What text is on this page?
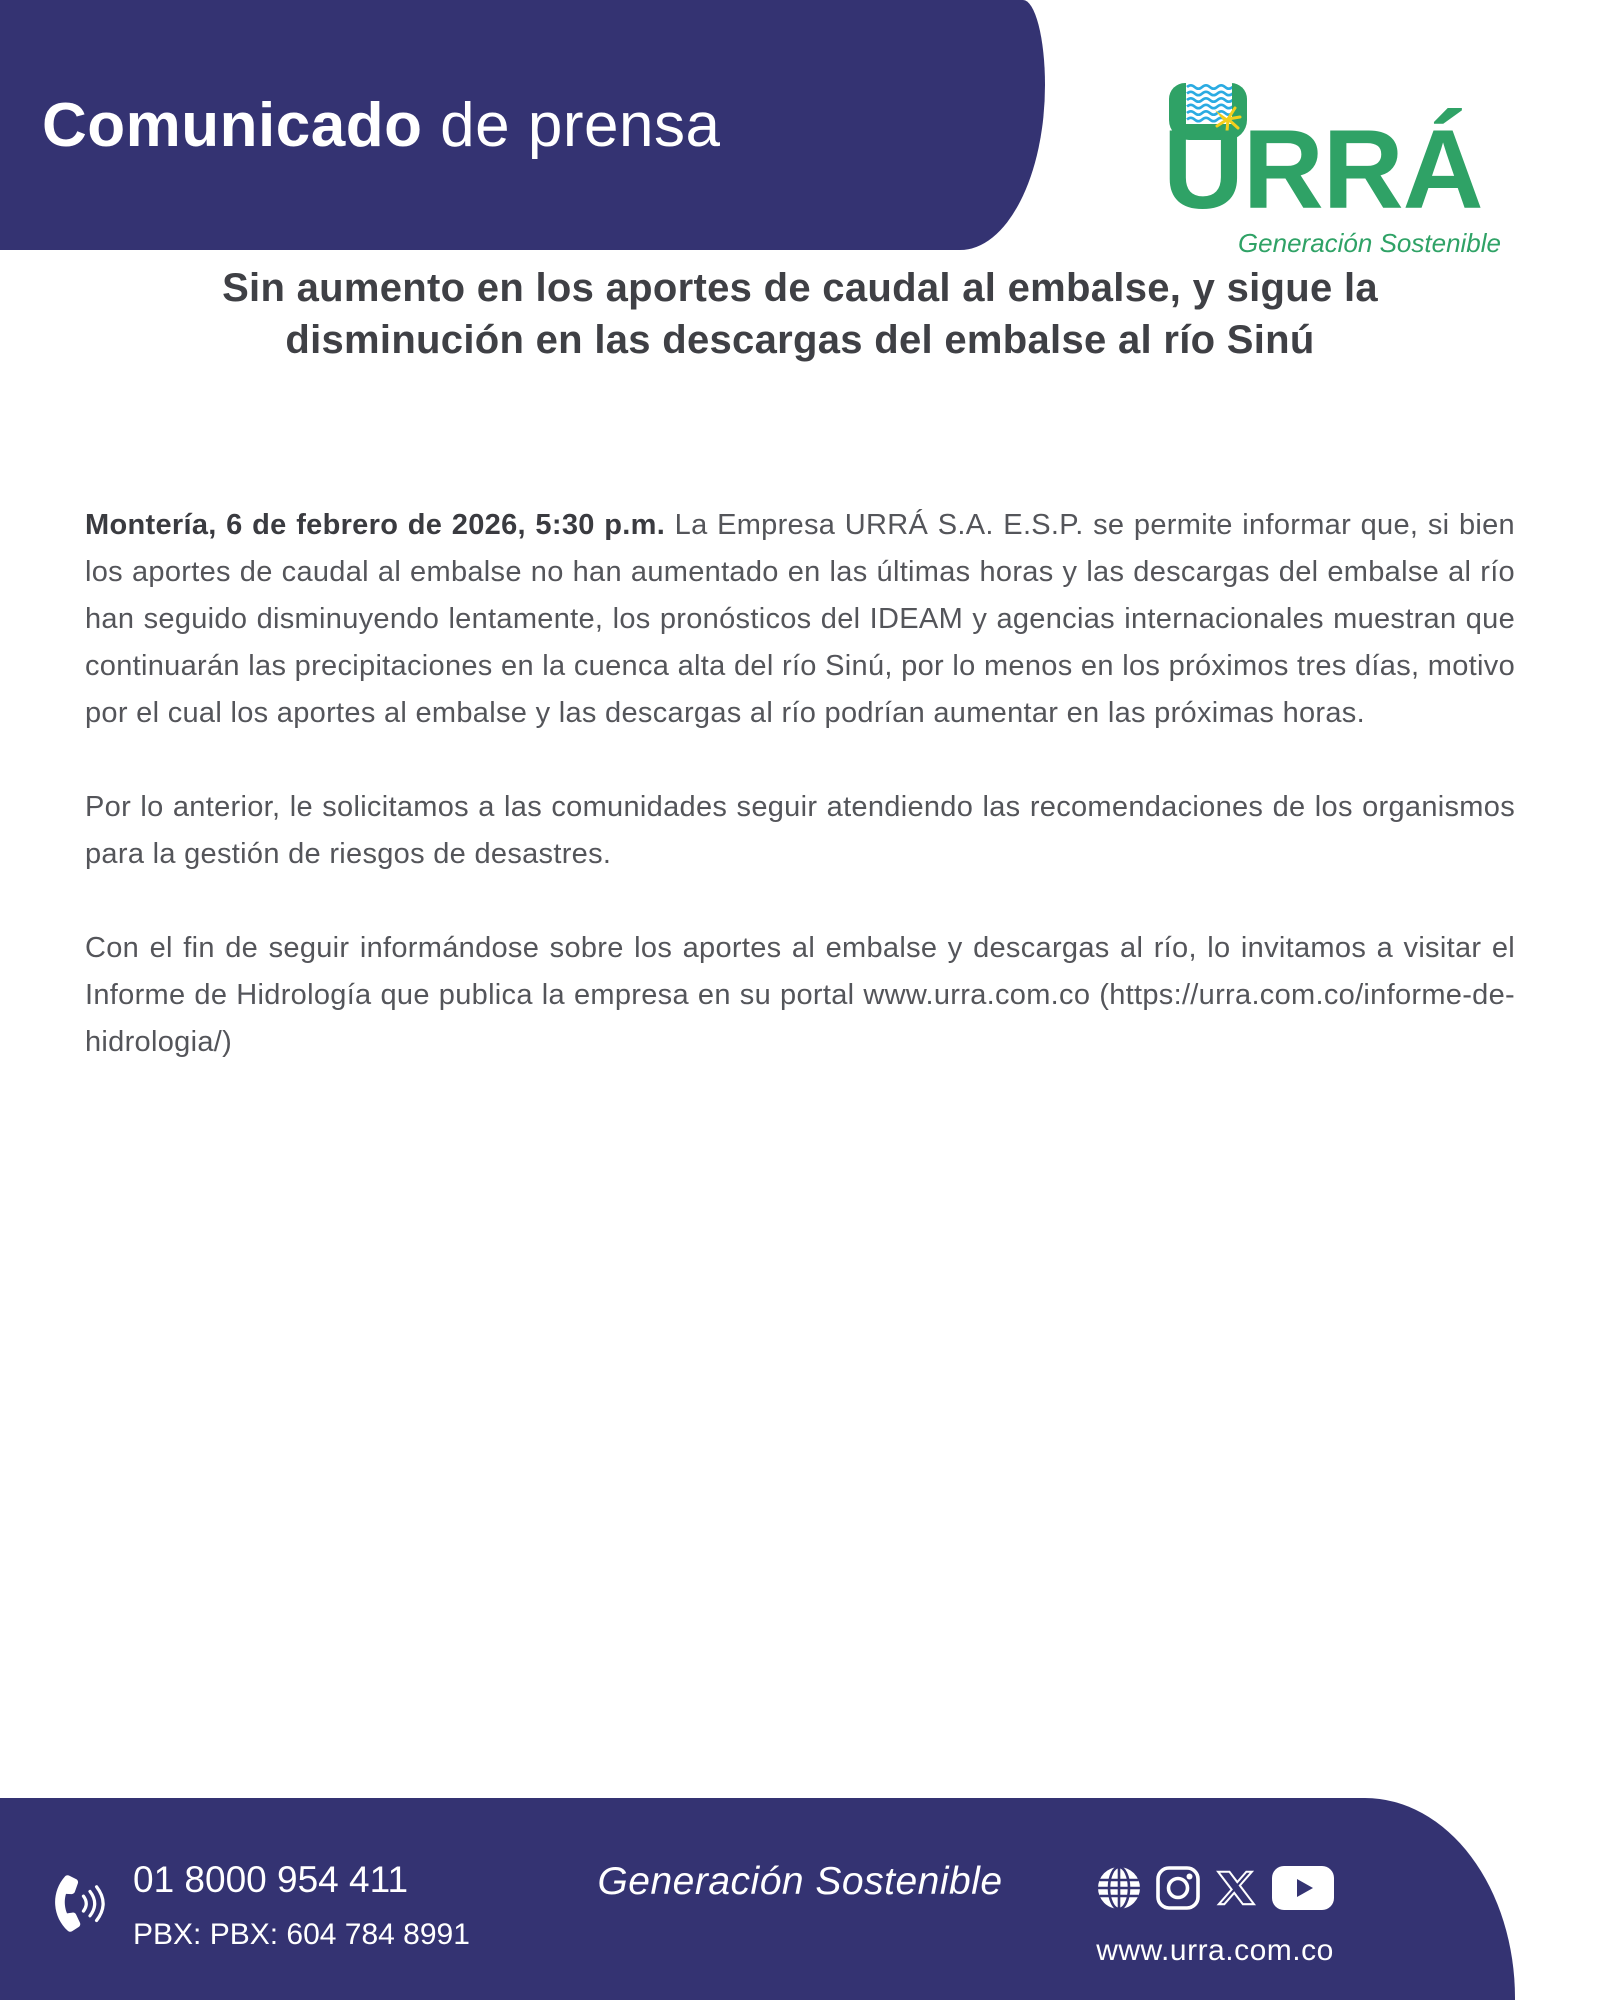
Comunicado de prensa	URRÁ
Generación Sostenible
Sin aumento en los aportes de caudal al embalse, y sigue la
disminución en las descargas del embalse al río Sinú

Montería, 6 de febrero de 2026, 5:30 p.m. La Empresa URRÁ S.A. E.S.P. se permite informar que, si bien los aportes de caudal al embalse no han aumentado en las últimas horas y las descargas del embalse al río han seguido disminuyendo lentamente, los pronósticos del IDEAM y agencias internacionales muestran que continuarán las precipitaciones en la cuenca alta del río Sinú, por lo menos en los próximos tres días, motivo por el cual los aportes al embalse y las descargas al río podrían aumentar en las próximas horas.

Por lo anterior, le solicitamos a las comunidades seguir atendiendo las recomendaciones de los organismos para la gestión de riesgos de desastres.

Con el fin de seguir informándose sobre los aportes al embalse y descargas al río, lo invitamos a visitar el Informe de Hidrología que publica la empresa en su portal www.urra.com.co (https://urra.com.co/informe-de- hidrologia/)

01 8000 954 411
PBX: PBX: 604 784 8991
Generación Sostenible
www.urra.com.co
